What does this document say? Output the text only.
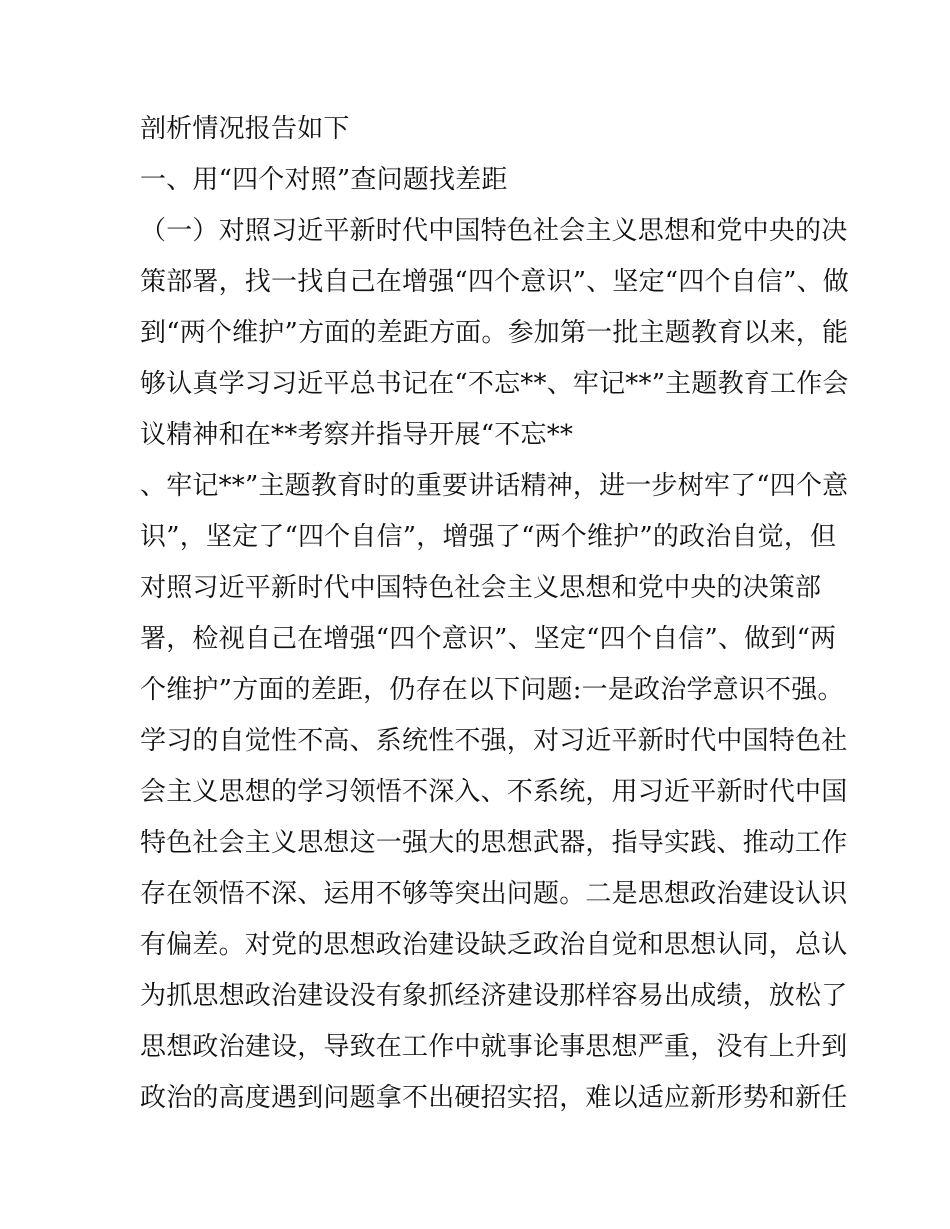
剖析情况报告如下
一、用“四个对照”查问题找差距
（一）对照习近平新时代中国特色社会主义思想和党中央的决
策部署，找一找自己在增强“四个意识”、坚定“四个自信”、做
到“两个维护”方面的差距方面。参加第一批主题教育以来，能
够认真学习习近平总书记在“不忘**、牢记**”主题教育工作会
议精神和在**考察并指导开展“不忘**
、牢记**”主题教育时的重要讲话精神，进一步树牢了“四个意
识”，坚定了“四个自信”，增强了“两个维护”的政治自觉，但
对照习近平新时代中国特色社会主义思想和党中央的决策部
署，检视自己在增强“四个意识”、坚定“四个自信”、做到“两
个维护”方面的差距，仍存在以下问题:一是政治学意识不强。
学习的自觉性不高、系统性不强，对习近平新时代中国特色社
会主义思想的学习领悟不深入、不系统，用习近平新时代中国
特色社会主义思想这一强大的思想武器，指导实践、推动工作
存在领悟不深、运用不够等突出问题。二是思想政治建设认识
有偏差。对党的思想政治建设缺乏政治自觉和思想认同，总认
为抓思想政治建设没有象抓经济建设那样容易出成绩，放松了
思想政治建设，导致在工作中就事论事思想严重，没有上升到
政治的高度遇到问题拿不出硬招实招，难以适应新形势和新任
